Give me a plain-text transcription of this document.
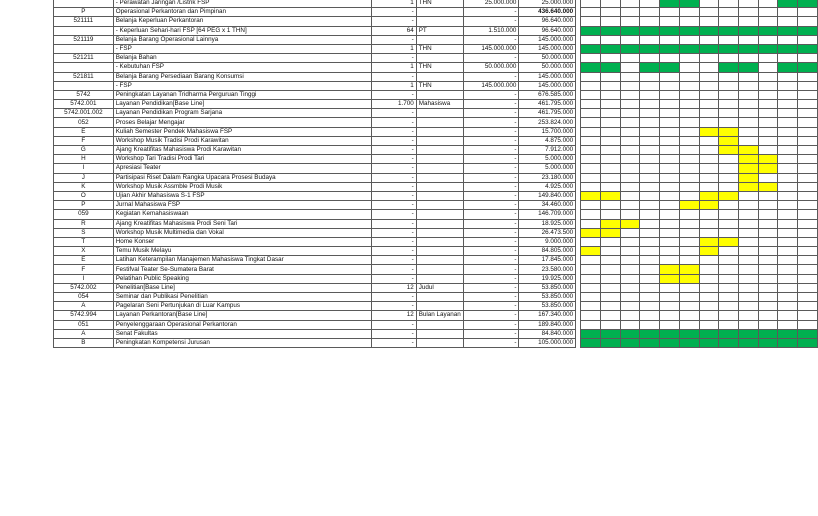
	- Perawatan Jaringan /Listrik FSP	1	THN	25.000.000	25.000.000													
P	Operasional Perkantoran dan Pimpinan	-		-	436.640.000													
521111	Belanja Keperluan Perkantoran	-		-	96.640.000													
	- Keperluan Sehari-hari FSP [64 PEG x 1 THN]	64	PT	1.510.000	96.640.000													
521119	Belanja Barang Operasional Lainnya	-		-	145.000.000													
	- FSP	1	THN	145.000.000	145.000.000													
521211	Belanja Bahan	-		-	50.000.000													
	- Kebutuhan FSP	1	THN	50.000.000	50.000.000													
521811	Belanja Barang Persediaan Barang Konsumsi	-		-	145.000.000													
	- FSP	1	THN	145.000.000	145.000.000													
5742	Peningkatan Layanan Tridharma Perguruan Tinggi	-		-	676.585.000													
5742.001	Layanan Pendidikan[Base Line]	1.700	Mahasiswa	-	461.795.000													
5742.001.002	Layanan Pendidikan Program Sarjana	-		-	461.795.000													
052	Proses Belajar Mengajar	-		-	253.824.000													
E	Kuliah Semester Pendek Mahasiswa FSP	-		-	15.700.000													
F	Workshop Musik Tradisi Prodi Karawitan	-		-	4.875.000													
G	Ajang Kreatifitas Mahasiswa Prodi Karawitan	-		-	7.912.000													
H	Workshop Tari Tradisi Prodi Tari	-		-	5.000.000													
I	Apresiasi Teater	-		-	5.000.000													
J	Partisipasi Riset Dalam Rangka Upacara Prosesi Budaya	-		-	23.180.000													
K	Workshop Musik Assmble Prodi Musik	-		-	4.925.000													
O	Ujian Akhir Mahasiswa S-1 FSP	-		-	149.840.000													
P	Jurnal Mahasiswa FSP	-		-	34.460.000													
059	Kegiatan Kemahasiswaan	-		-	146.709.000													
R	Ajang Kreatifitas Mahasiswa Prodi Seni Tari	-		-	18.925.000													
S	Workshop Musik Multimedia dan Vokal	-		-	26.473.500													
T	Home Konser	-		-	9.000.000													
X	Temu Musik Melayu	-		-	84.805.000													
E	Latihan Keterampilan Manajemen Mahasiswa Tingkat Dasar	-		-	17.845.000													
F	Festifval Teater Se-Sumatera Barat	-		-	23.580.000													
I	Pelatihan Public Speaking	-		-	19.925.000													
5742.002	Penelitian[Base Line]	12	Judul	-	53.850.000													
054	Seminar dan Publikasi Penelitian	-		-	53.850.000													
A	Pagelaran Seni Pertunjukan di Luar Kampus	-		-	53.850.000													
5742.994	Layanan Perkantoran[Base Line]	12	Bulan Layanan	-	167.340.000													
051	Penyelenggaraan Operasional Perkantoran	-		-	189.840.000													
A	Senat Fakultas	-		-	84.840.000													
B	Peningkatan Kompetensi Jurusan	-		-	105.000.000													
